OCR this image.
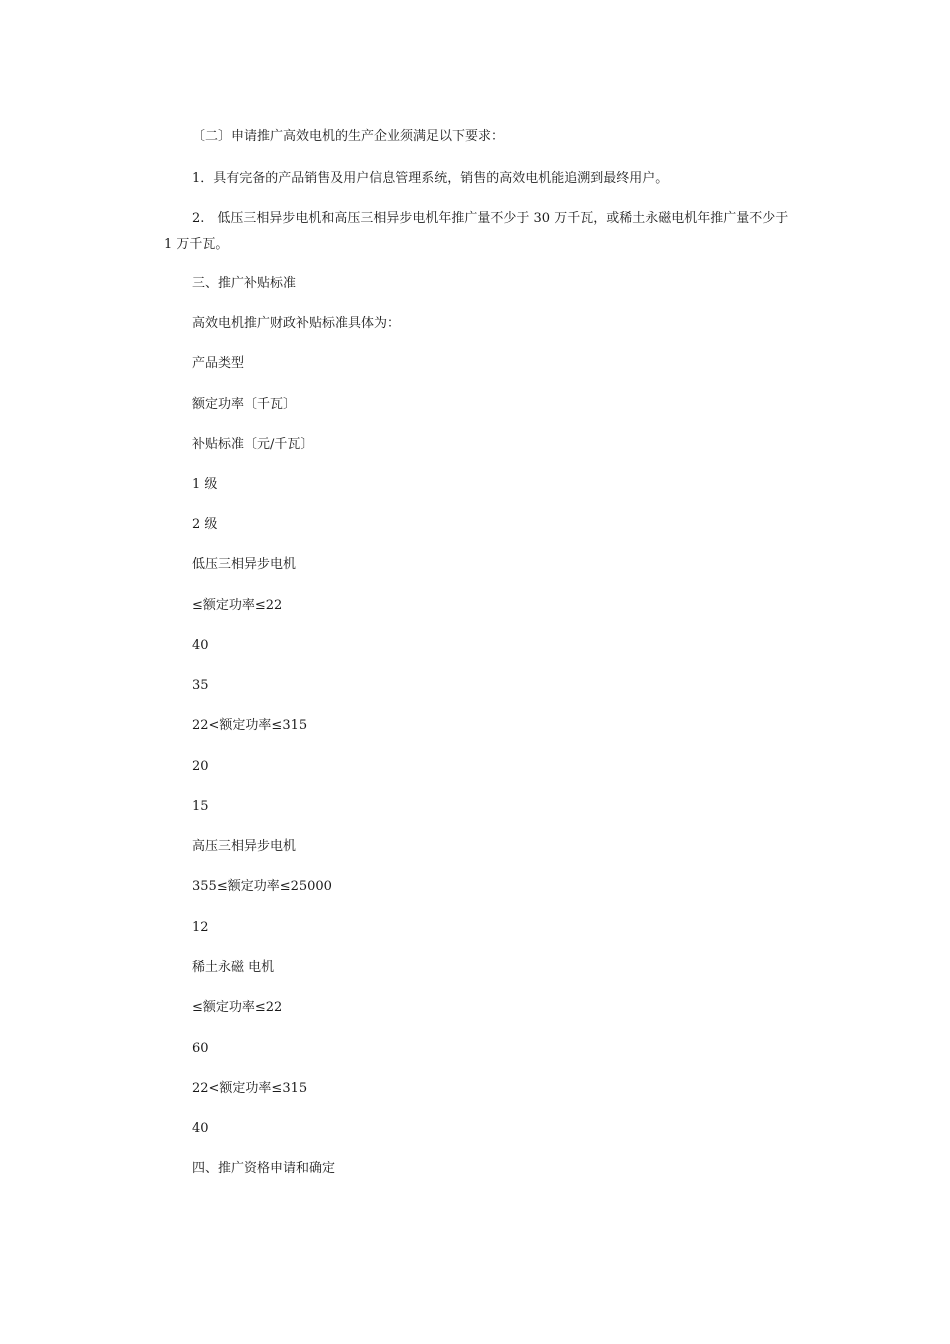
〔二〕申请推广高效电机的生产企业须满足以下要求：
1．具有完备的产品销售及用户信息管理系统，销售的高效电机能追溯到最终用户。
2.　低压三相异步电机和高压三相异步电机年推广量不少于 30 万千瓦，或稀土永磁电机年推广量不少于 1 万千瓦。
三、推广补贴标准
高效电机推广财政补贴标准具体为：
产品类型
额定功率〔千瓦〕
补贴标准〔元/千瓦〕
1 级
2 级
低压三相异步电机
≤额定功率≤22
40
35
22<额定功率≤315
20
15
高压三相异步电机
355≤额定功率≤25000
12
稀土永磁 电机
≤额定功率≤22
60
22<额定功率≤315
40
四、推广资格申请和确定
